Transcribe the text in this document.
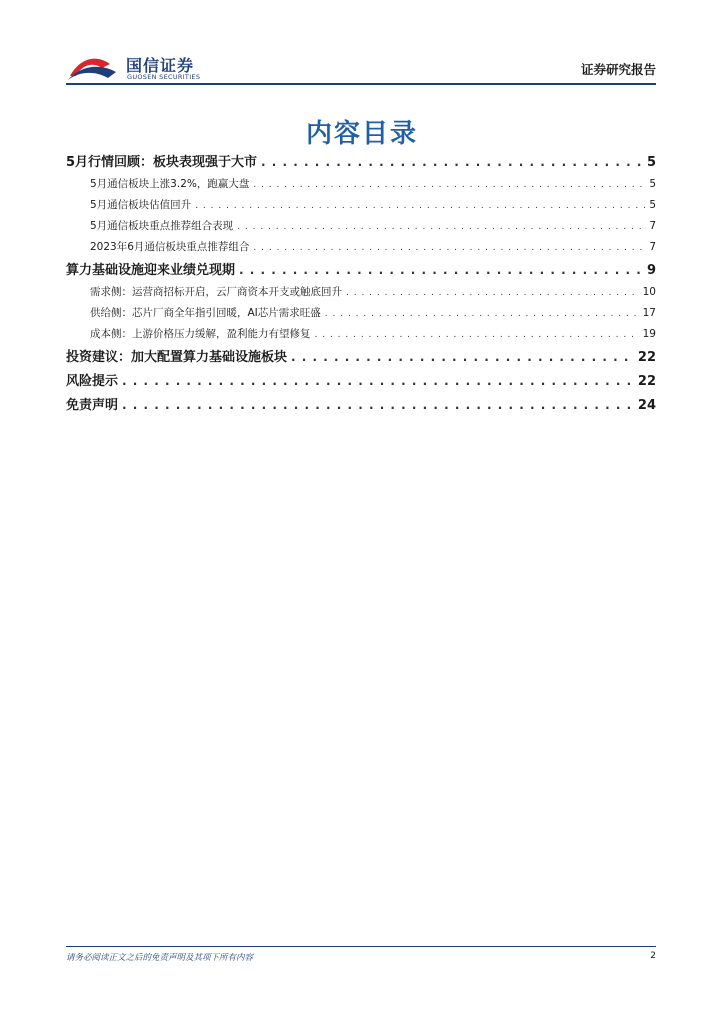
国信证券
GUOSEN SECURITIES	证券研究报告
内容目录
5月行情回顾：板块表现强于大市 . . .	5
5月通信板块上涨3.2%，跑赢大盘 . . .	5
5月通信板块估值回升 . . .	5
5月通信板块重点推荐组合表现 . . .	7
2023年6月通信板块重点推荐组合 . . .	7
算力基础设施迎来业绩兑现期 . . .	9
需求侧：运营商招标开启，云厂商资本开支或触底回升 . . .	10
供给侧：芯片厂商全年指引回暖，AI芯片需求旺盛 . . .	17
成本侧：上游价格压力缓解，盈利能力有望修复 . . .	19
投资建议：加大配置算力基础设施板块 . . .	22
风险提示 . . .	22
免责声明 . . .	24
请务必阅读正文之后的免责声明及其项下所有内容	2
